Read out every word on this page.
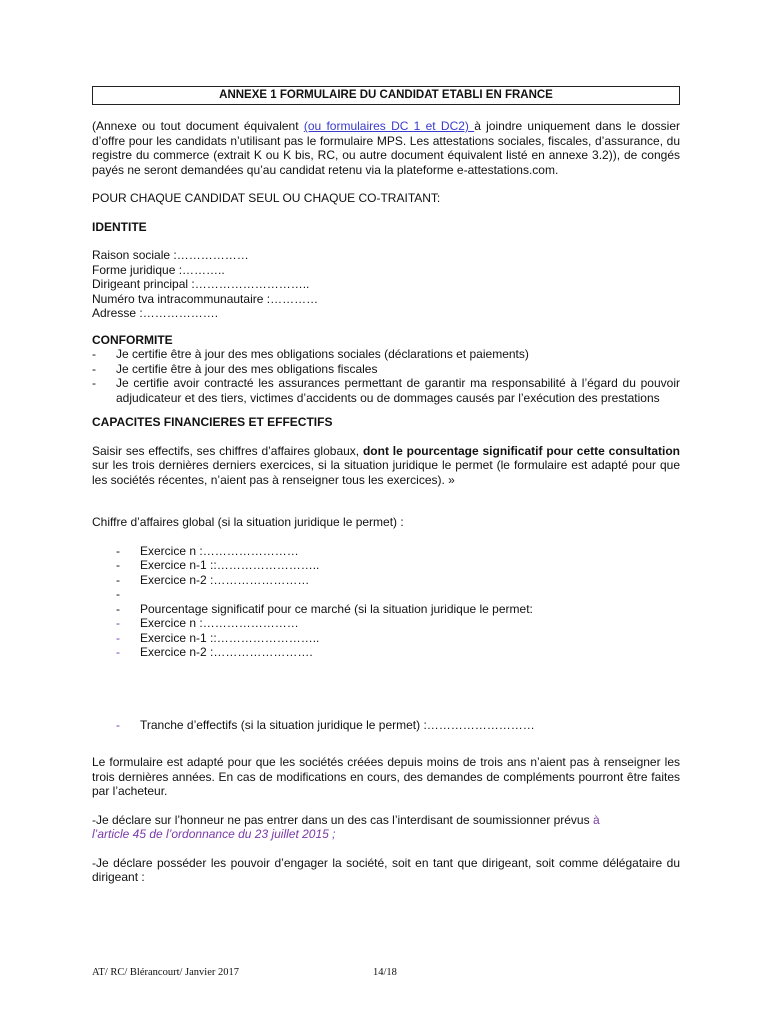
ANNEXE 1 FORMULAIRE DU CANDIDAT ETABLI EN FRANCE

(Annexe ou tout document équivalent (ou formulaires DC 1 et DC2) à joindre uniquement dans le dossier d’offre pour les candidats n’utilisant pas le formulaire MPS. Les attestations sociales, fiscales, d’assurance, du registre du commerce (extrait K ou K bis, RC, ou autre document équivalent listé en annexe 3.2)), de congés payés ne seront demandées qu’au candidat retenu via la plateforme e-attestations.com.

POUR CHAQUE CANDIDAT SEUL OU CHAQUE CO-TRAITANT:

IDENTITE

Raison sociale :………………

Forme juridique :………..

Dirigeant principal :………………………..

Numéro tva intracommunautaire :…………

Adresse :……………….

CONFORMITE

- Je certifie être à jour des mes obligations sociales (déclarations et paiements)
- Je certifie être à jour des mes obligations fiscales
- Je certifie avoir contracté les assurances permettant de garantir ma responsabilité à l’égard du pouvoir adjudicateur et des tiers, victimes d’accidents ou de dommages causés par l’exécution des prestations

CAPACITES FINANCIERES ET EFFECTIFS

Saisir ses effectifs, ses chiffres d’affaires globaux, dont le pourcentage significatif pour cette consultation sur les trois dernières derniers exercices, si la situation juridique le permet (le formulaire est adapté pour que les sociétés récentes, n’aient pas à renseigner tous les exercices). »

Chiffre d’affaires global (si la situation juridique le permet) :

- Exercice n :……………………
- Exercice n-1 ::……………………..
- Exercice n-2 :……………………
-
- Pourcentage significatif pour ce marché (si la situation juridique le permet:
- Exercice n :……………………
- Exercice n-1 ::……………………..
- Exercice n-2 :…………………….
- Tranche d’effectifs (si la situation juridique le permet) :………………………

Le formulaire est adapté pour que les sociétés créées depuis moins de trois ans n’aient pas à renseigner les trois dernières années. En cas de modifications en cours, des demandes de compléments pourront être faites par l’acheteur.

-Je déclare sur l’honneur ne pas entrer dans un des cas l’interdisant de soumissionner prévus à
l’article 45 de l’ordonnance du 23 juillet 2015 ;

-Je déclare posséder les pouvoir d’engager la société, soit en tant que dirigeant, soit comme délégataire du dirigeant :

AT/ RC/ Blérancourt/ Janvier 2017	14/18
